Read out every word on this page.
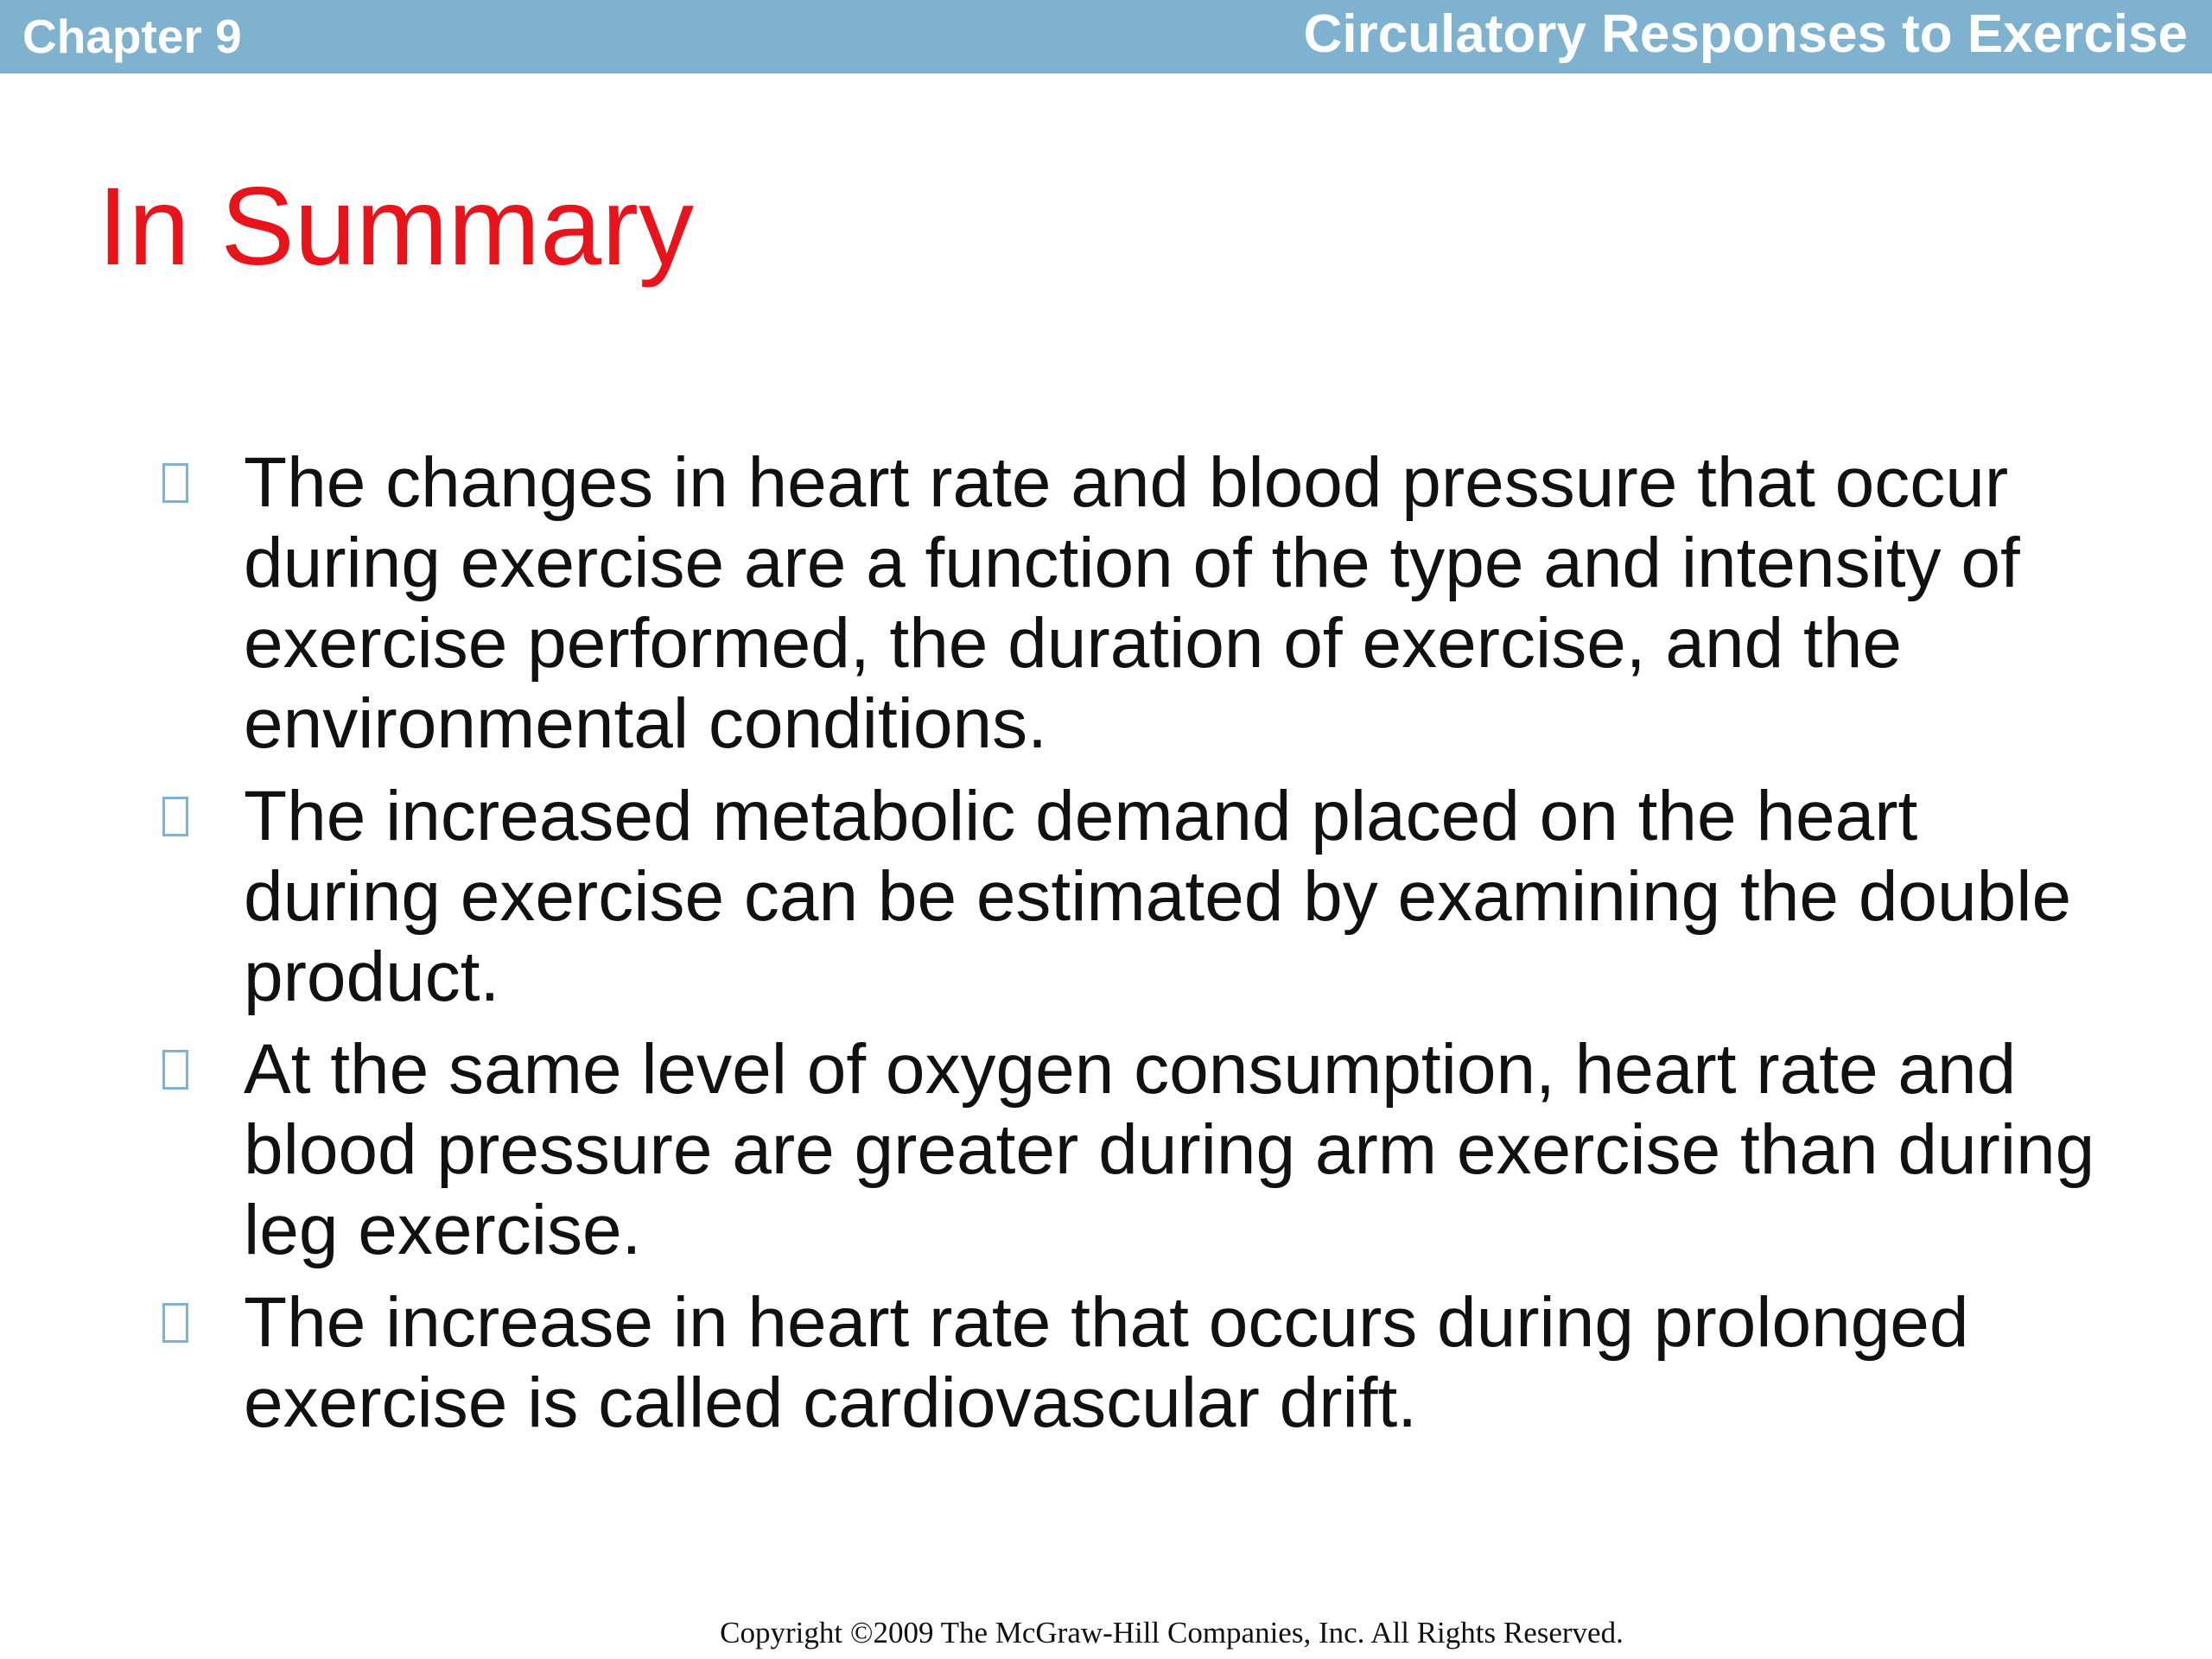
Chapter 9	Circulatory Responses to Exercise
In Summary
The changes in heart rate and blood pressure that occur during exercise are a function of the type and intensity of exercise performed, the duration of exercise, and the environmental conditions.
The increased metabolic demand placed on the heart during exercise can be estimated by examining the double product.
At the same level of oxygen consumption, heart rate and blood pressure are greater during arm exercise than during leg exercise.
The increase in heart rate that occurs during prolonged exercise is called cardiovascular drift.
Copyright ©2009 The McGraw-Hill Companies, Inc. All Rights Reserved.
